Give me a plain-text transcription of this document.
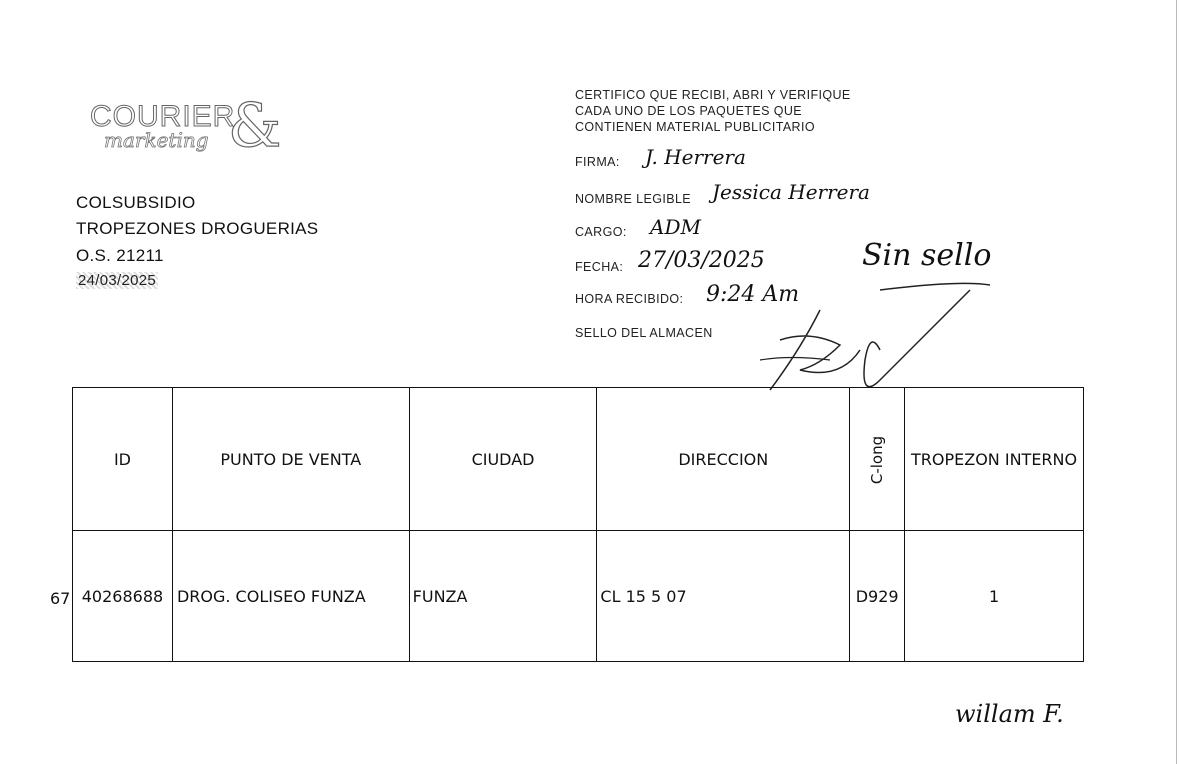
COURIER
marketing &
COLSUBSIDIO
TROPEZONES DROGUERIAS
O.S. 21211
24/03/2025
CERTIFICO QUE RECIBI, ABRI Y VERIFIQUE
CADA UNO DE LOS PAQUETES QUE
CONTIENEN MATERIAL PUBLICITARIO
FIRMA: J. Herrera
NOMBRE LEGIBLE Jessica Herrera
CARGO: ADM
FECHA: 27/03/2025
HORA RECIBIDO: 9:24 Am
SELLO DEL ALMACEN
Sin sello
ID	PUNTO DE VENTA	CIUDAD	DIRECCION	C-long	TROPEZON INTERNO
40268688	DROG. COLISEO FUNZA	FUNZA	CL 15 5 07	D929	1
67
willam F.
